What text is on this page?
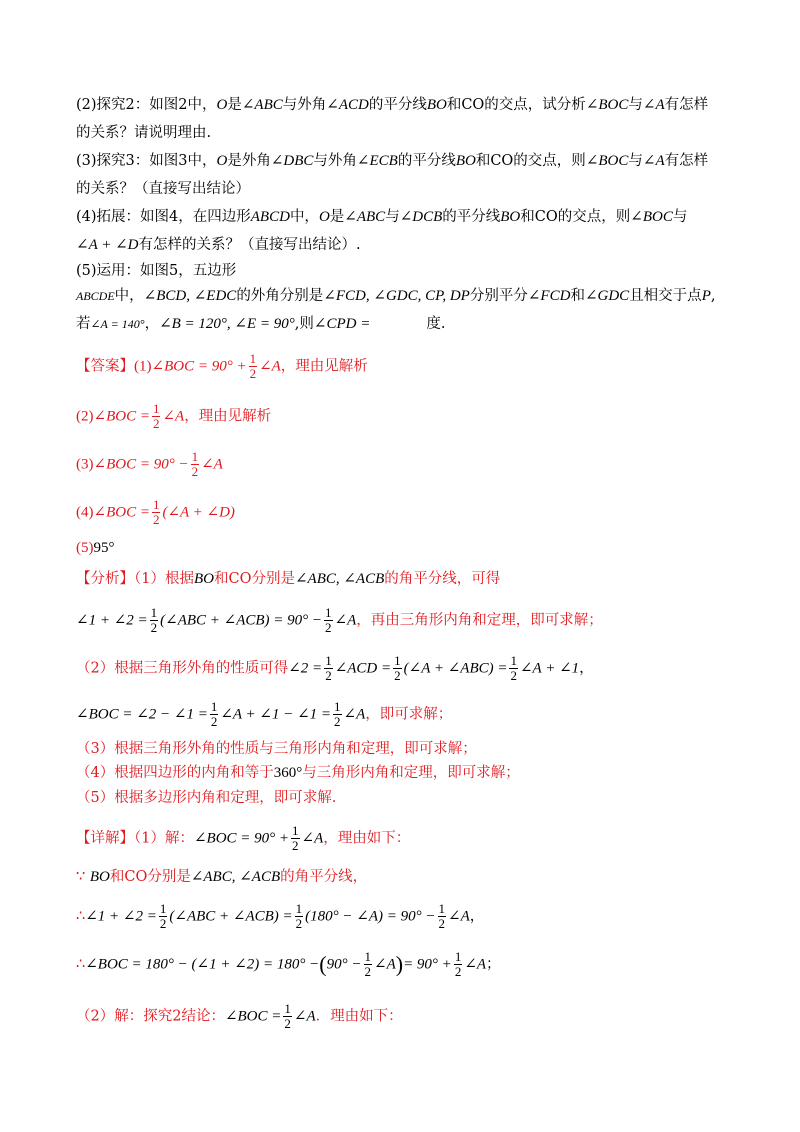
(2)探究2：如图2中，O是∠ABC与外角∠ACD的平分线BO和CO的交点，试分析∠BOC与∠A有怎样
的关系？请说明理由.
(3)探究3：如图3中，O是外角∠DBC与外角∠ECB的平分线BO和CO的交点，则∠BOC与∠A有怎样
的关系？（直接写出结论）
(4)拓展：如图4，在四边形ABCD中，O是∠ABC与∠DCB的平分线BO和CO的交点，则∠BOC与
∠A + ∠D有怎样的关系？（直接写出结论）.
(5)运用：如图5，五边形
ABCDE中，∠BCD, ∠EDC的外角分别是∠FCD, ∠GDC, CP, DP分别平分∠FCD和∠GDC且相交于点P,
若∠A = 140°，∠B = 120°, ∠E = 90°,则∠CPD =	度.
【答案】(1)∠BOC = $90^\circ + \frac{1}{2}$ ∠A，理由见解析
(2)∠BOC = $\frac{1}{2}$ ∠A，理由见解析
(3)∠BOC = $90^\circ - \frac{1}{2}$ ∠A
(4)∠BOC = $\frac{1}{2}$ (∠A + ∠D)
(5)95°
【分析】（1）根据BO和CO分别是∠ABC, ∠ACB的角平分线，可得
∠1 + ∠2 = $\frac{1}{2}$ (∠ABC + ∠ACB) = $90^\circ - \frac{1}{2}$ ∠A，再由三角形内角和定理，即可求解；
（2）根据三角形外角的性质可得∠2 = $\frac{1}{2}$ ∠ACD = $\frac{1}{2}$ (∠A + ∠ABC) = $\frac{1}{2}$ ∠A + ∠1，
∠BOC = ∠2 − ∠1 = $\frac{1}{2}$ ∠A + ∠1 − ∠1 = $\frac{1}{2}$ ∠A，即可求解；
（3）根据三角形外角的性质与三角形内角和定理，即可求解；
（4）根据四边形的内角和等于360°与三角形内角和定理，即可求解；
（5）根据多边形内角和定理，即可求解.
【详解】（1）解：∠BOC = $90^\circ + \frac{1}{2}$ ∠A，理由如下：
∵ BO和CO分别是∠ABC, ∠ACB的角平分线，
∴∠1 + ∠2 = $\frac{1}{2}$ (∠ABC + ∠ACB) = $\frac{1}{2} (180^\circ$ − ∠A) = $90^\circ - \frac{1}{2}$ ∠A，
∴∠BOC = 180° − (∠1 + ∠2) = $180^\circ -(90^\circ - \frac{1}{2}$ ∠A)= $90^\circ + \frac{1}{2}$ ∠A；
（2）解：探究2结论：∠BOC = $\frac{1}{2}$ ∠A．理由如下：
